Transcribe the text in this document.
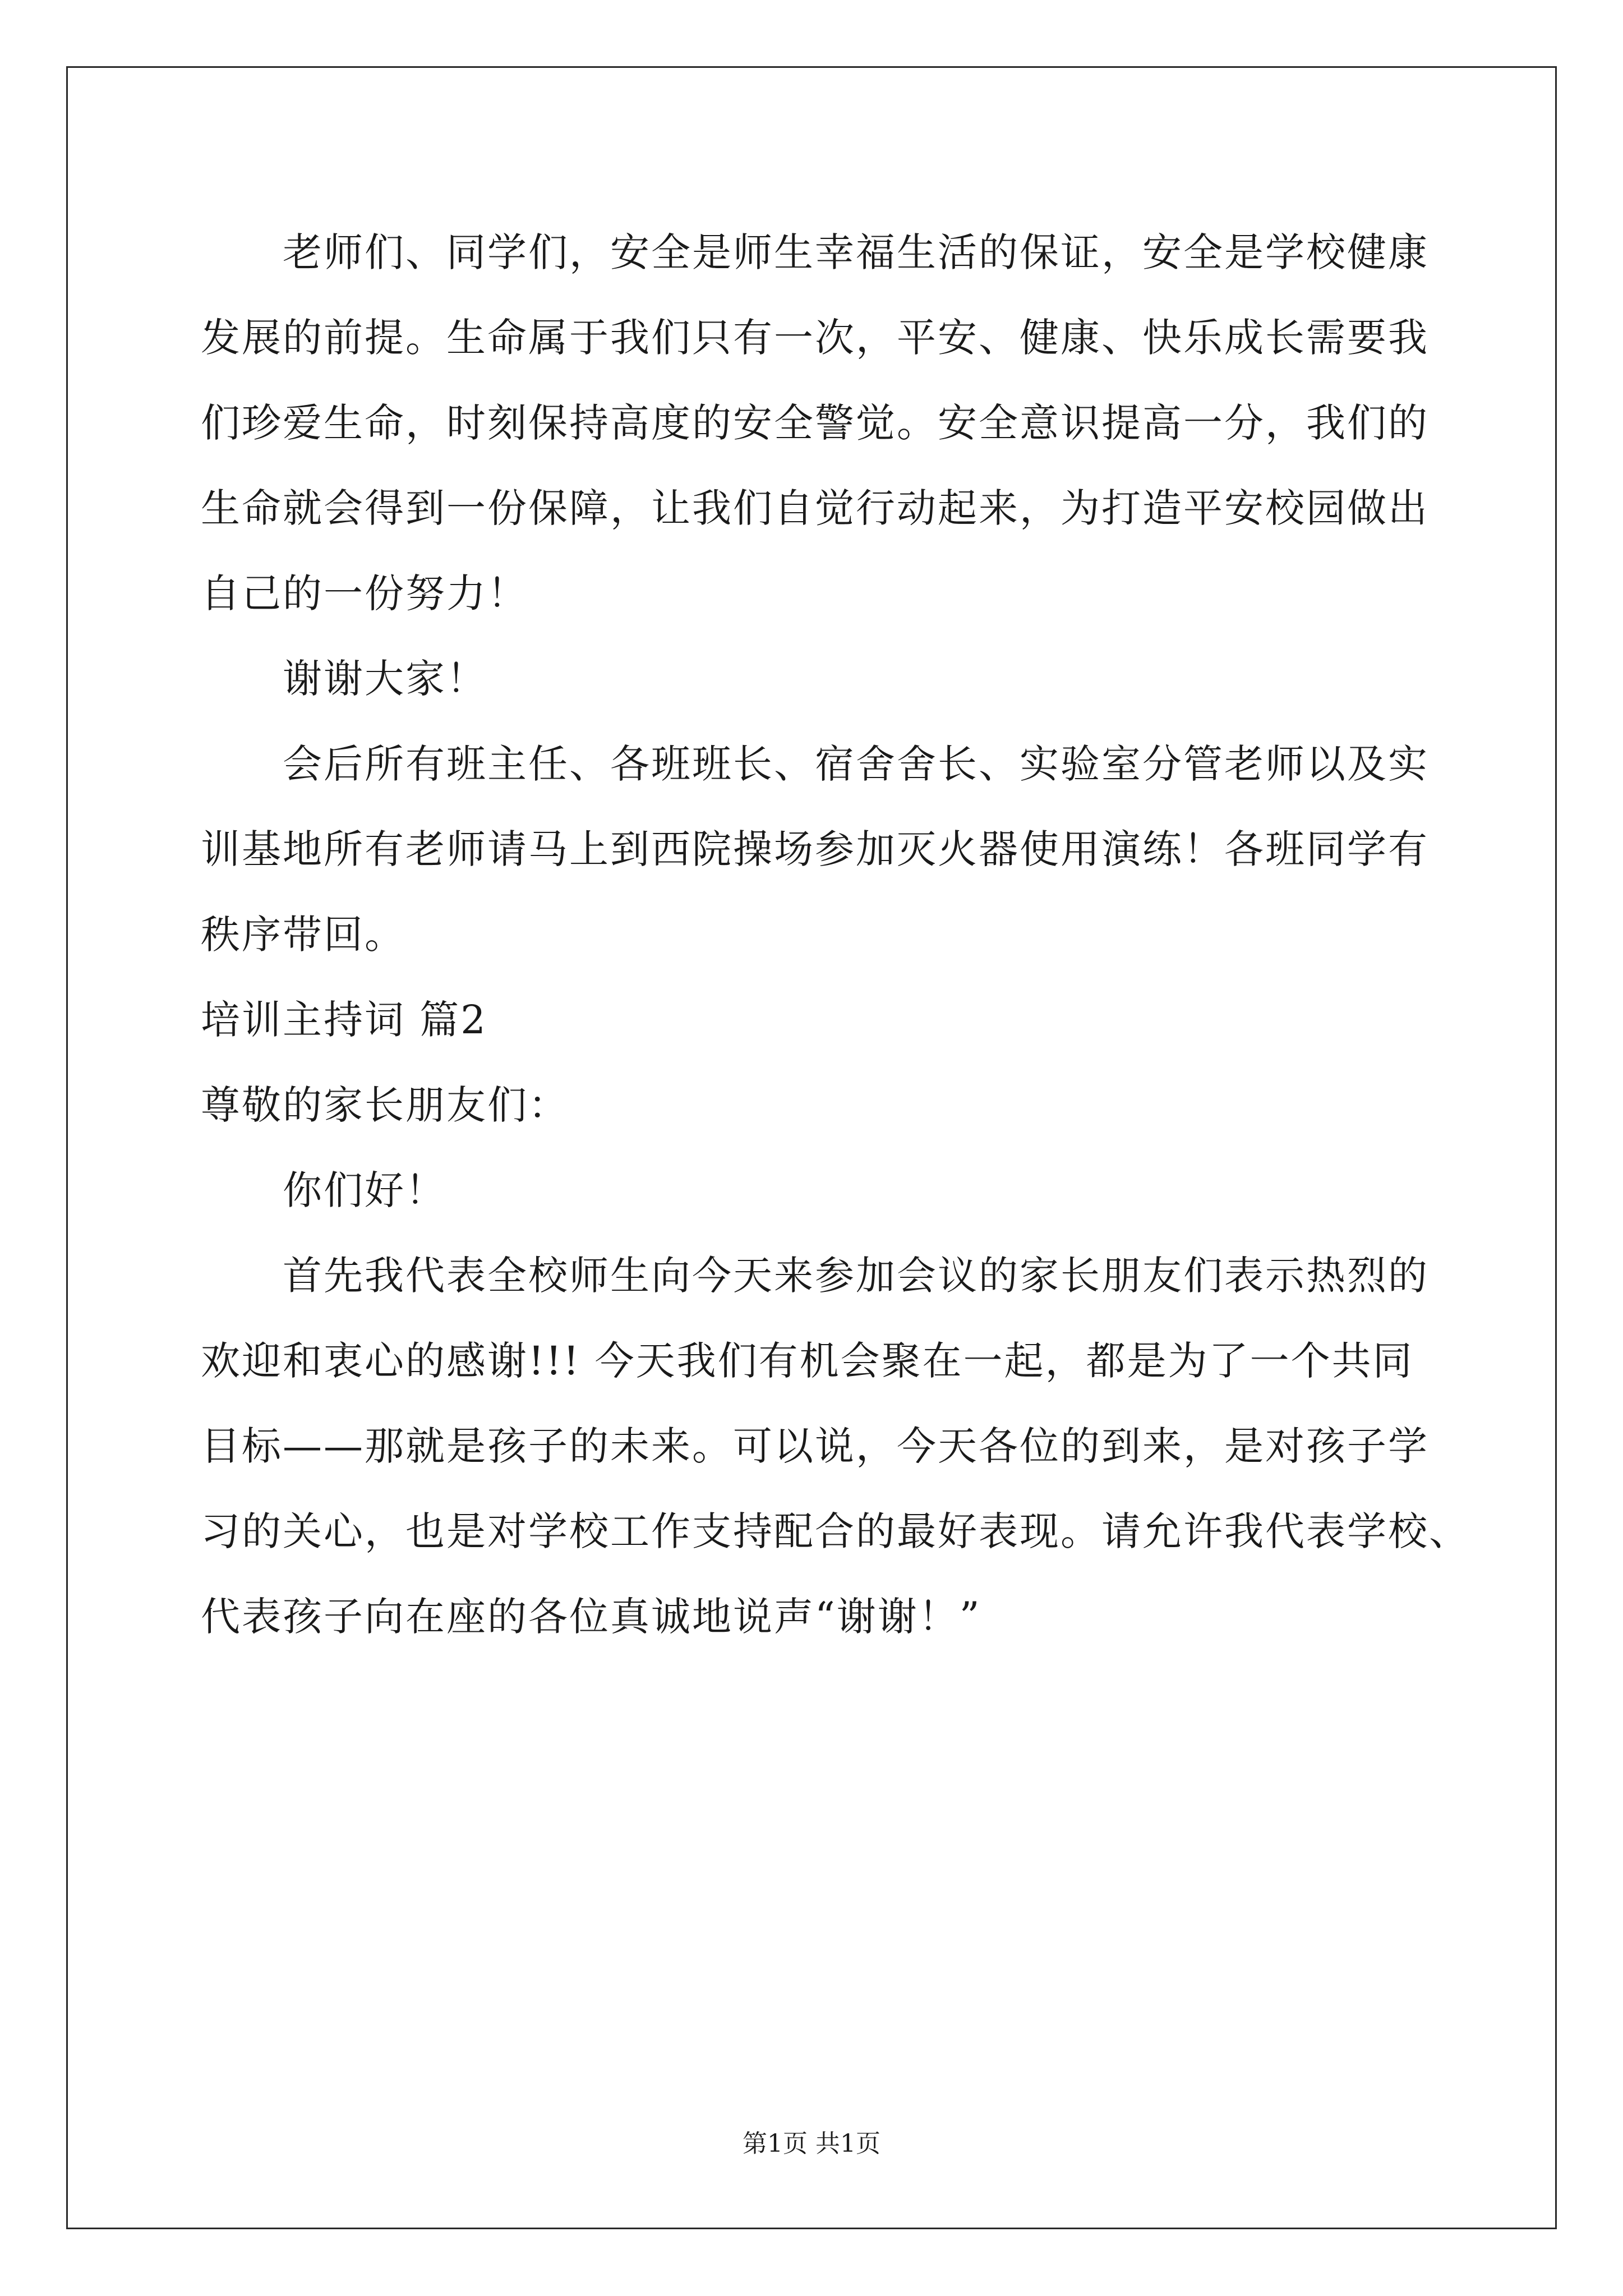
老师们、同学们，安全是师生幸福生活的保证，安全是学校健康
发展的前提。生命属于我们只有一次，平安、健康、快乐成长需要我
们珍爱生命，时刻保持高度的安全警觉。安全意识提高一分，我们的
生命就会得到一份保障，让我们自觉行动起来，为打造平安校园做出
自己的一份努力！
谢谢大家！
会后所有班主任、各班班长、宿舍舍长、实验室分管老师以及实
训基地所有老师请马上到西院操场参加灭火器使用演练！各班同学有
秩序带回。
培训主持词 篇2
尊敬的家长朋友们：
你们好！
首先我代表全校师生向今天来参加会议的家长朋友们表示热烈的
欢迎和衷心的感谢!!! 今天我们有机会聚在一起，都是为了一个共同
目标——那就是孩子的未来。可以说，今天各位的到来，是对孩子学
习的关心，也是对学校工作支持配合的最好表现。请允许我代表学校、
代表孩子向在座的各位真诚地说声“谢谢！”
第1页 共1页
